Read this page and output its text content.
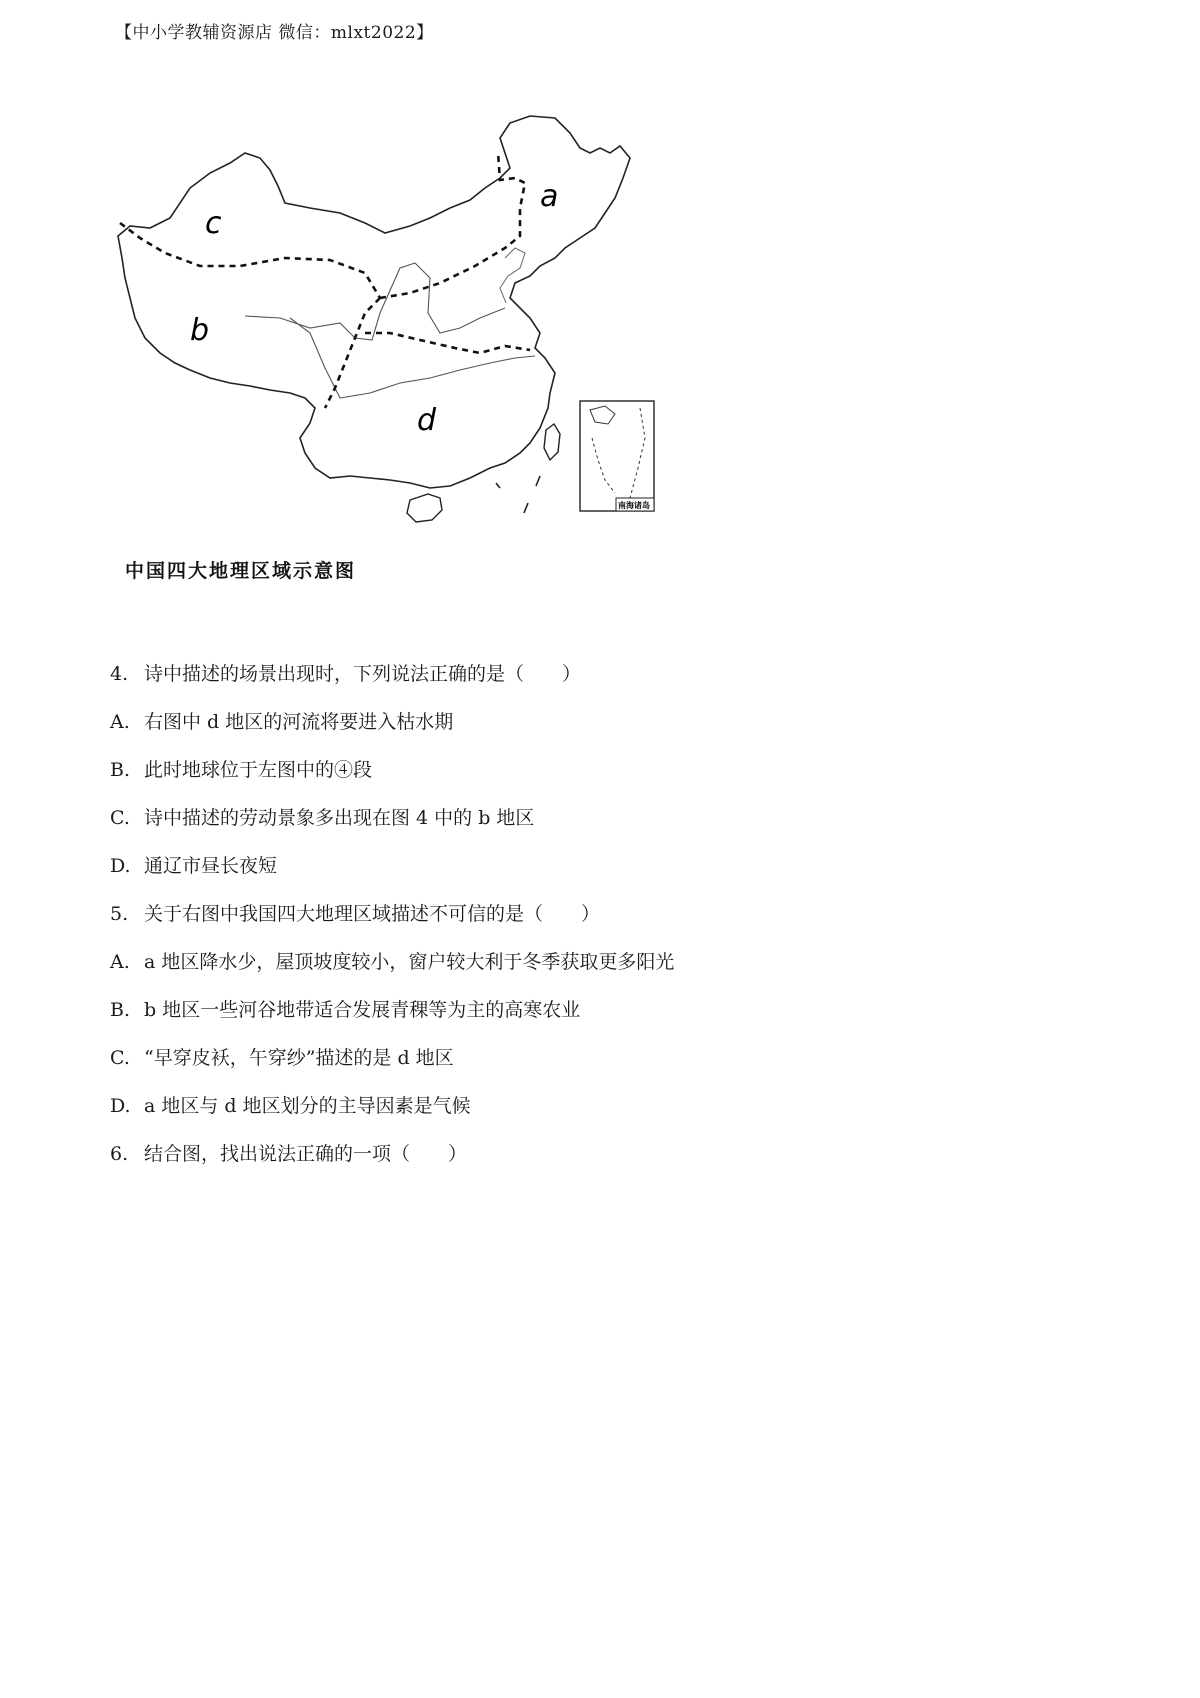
【中小学教辅资源店 微信：mlxt2022】
a
b
c
d
南海诸岛
中国四大地理区域示意图
4. 诗中描述的场景出现时，下列说法正确的是（　　）
A. 右图中 d 地区的河流将要进入枯水期
B. 此时地球位于左图中的④段
C. 诗中描述的劳动景象多出现在图 4 中的 b 地区
D. 通辽市昼长夜短
5. 关于右图中我国四大地理区域描述不可信的是（　　）
A. a 地区降水少，屋顶坡度较小，窗户较大利于冬季获取更多阳光
B. b 地区一些河谷地带适合发展青稞等为主的高寒农业
C. “早穿皮袄，午穿纱”描述的是 d 地区
D. a 地区与 d 地区划分的主导因素是气候
6. 结合图，找出说法正确的一项（　　）
